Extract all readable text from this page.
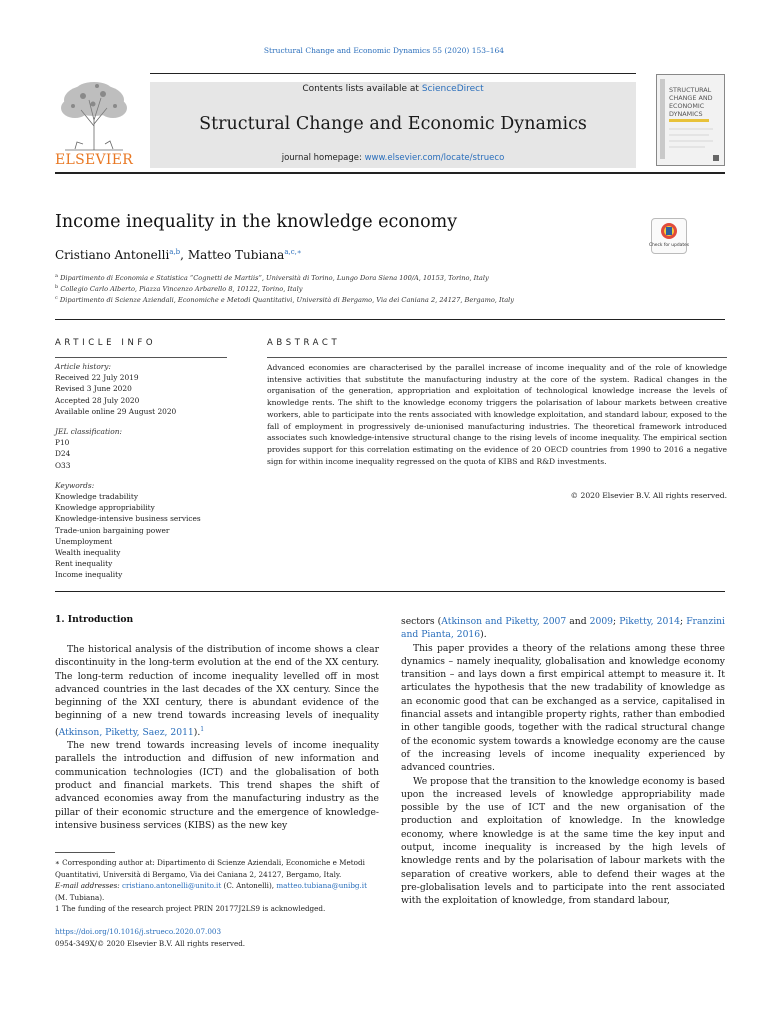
Structural Change and Economic Dynamics 55 (2020) 153–164
ELSEVIER
Contents lists available at ScienceDirect
Structural Change and Economic Dynamics
journal homepage: www.elsevier.com/locate/strueco
STRUCTURAL
CHANGE AND
ECONOMIC
DYNAMICS
Income inequality in the knowledge economy
Check for updates
Cristiano Antonelli$^{a,b}$, Matteo Tubiana$^{a,c,∗}$
$^a$ Dipartimento di Economia e Statistica “Cognetti de Martiis”, Università di Torino, Lungo Dora Siena 100/A, 10153, Torino, Italy
$^b$ Collegio Carlo Alberto, Piazza Vincenzo Arbarello 8, 10122, Torino, Italy
$^c$ Dipartimento di Scienze Aziendali, Economiche e Metodi Quantitativi, Università di Bergamo, Via dei Caniana 2, 24127, Bergamo, Italy
ARTICLE INFO
Article history:
Received 22 July 2019
Revised 3 June 2020
Accepted 28 July 2020
Available online 29 August 2020
JEL classification:
P10
D24
O33
Keywords:
Knowledge tradability
Knowledge appropriability
Knowledge-intensive business services
Trade-union bargaining power
Unemployment
Wealth inequality
Rent inequality
Income inequality
ABSTRACT
Advanced economies are characterised by the parallel increase of income inequality and of the role of knowledge intensive activities that substitute the manufacturing industry at the core of the system. Radical changes in the organisation of the generation, appropriation and exploitation of technological knowledge increase the levels of knowledge rents. The shift to the knowledge economy triggers the polarisation of labour markets between creative workers, able to participate into the rents associated with knowledge exploitation, and standard labour, exposed to the fall of employment in progressively de-unionised manufacturing industries. The theoretical framework introduced associates such knowledge-intensive structural change to the rising levels of income inequality. The empirical section provides support for this correlation estimating on the evidence of 20 OECD countries from 1990 to 2016 a negative sign for within income inequality regressed on the quota of KIBS and R&D investments.
© 2020 Elsevier B.V. All rights reserved.
1. Introduction

The historical analysis of the distribution of income shows a clear discontinuity in the long-term evolution at the end of the XX century. The long-term reduction of income inequality levelled off in most advanced countries in the last decades of the XX century. Since the beginning of the XXI century, there is abundant evidence of the beginning of a new trend towards increasing levels of inequality (Atkinson, Piketty, Saez, 2011).$^1$

The new trend towards increasing levels of income inequality parallels the introduction and diffusion of new information and communication technologies (ICT) and the globalisation of both product and financial markets. This trend shapes the shift of advanced economies away from the manufacturing industry as the pillar of their economic structure and the emergence of knowledge-intensive business services (KIBS) as the new key

sectors (Atkinson and Piketty, 2007 and 2009; Piketty, 2014; Franzini and Pianta, 2016).

This paper provides a theory of the relations among these three dynamics – namely inequality, globalisation and knowledge economy transition – and lays down a first empirical attempt to measure it. It articulates the hypothesis that the new tradability of knowledge as an economic good that can be exchanged as a service, capitalised in financial assets and intangible property rights, rather than embodied in other tangible goods, together with the radical structural change of the economic system towards a knowledge economy are the cause of the increasing levels of income inequality experienced by advanced countries.

We propose that the transition to the knowledge economy is based upon the increased levels of knowledge appropriability made possible by the use of ICT and the new organisation of the production and exploitation of knowledge. In the knowledge economy, where knowledge is at the same time the key input and output, income inequality is increased by the high levels of knowledge rents and by the polarisation of labour markets with the separation of creative workers, able to defend their wages at the pre-globalisation levels and to participate into the rent associated with the exploitation of knowledge, from standard labour,

∗ Corresponding author at: Dipartimento di Scienze Aziendali, Economiche e Metodi Quantitativi, Università di Bergamo, Via dei Caniana 2, 24127, Bergamo, Italy.

E-mail addresses: cristiano.antonelli@unito.it (C. Antonelli), matteo.tubiana@unibg.it (M. Tubiana).

1 The funding of the research project PRIN 20177J2LS9 is acknowledged.

https://doi.org/10.1016/j.strueco.2020.07.003
0954-349X/© 2020 Elsevier B.V. All rights reserved.
